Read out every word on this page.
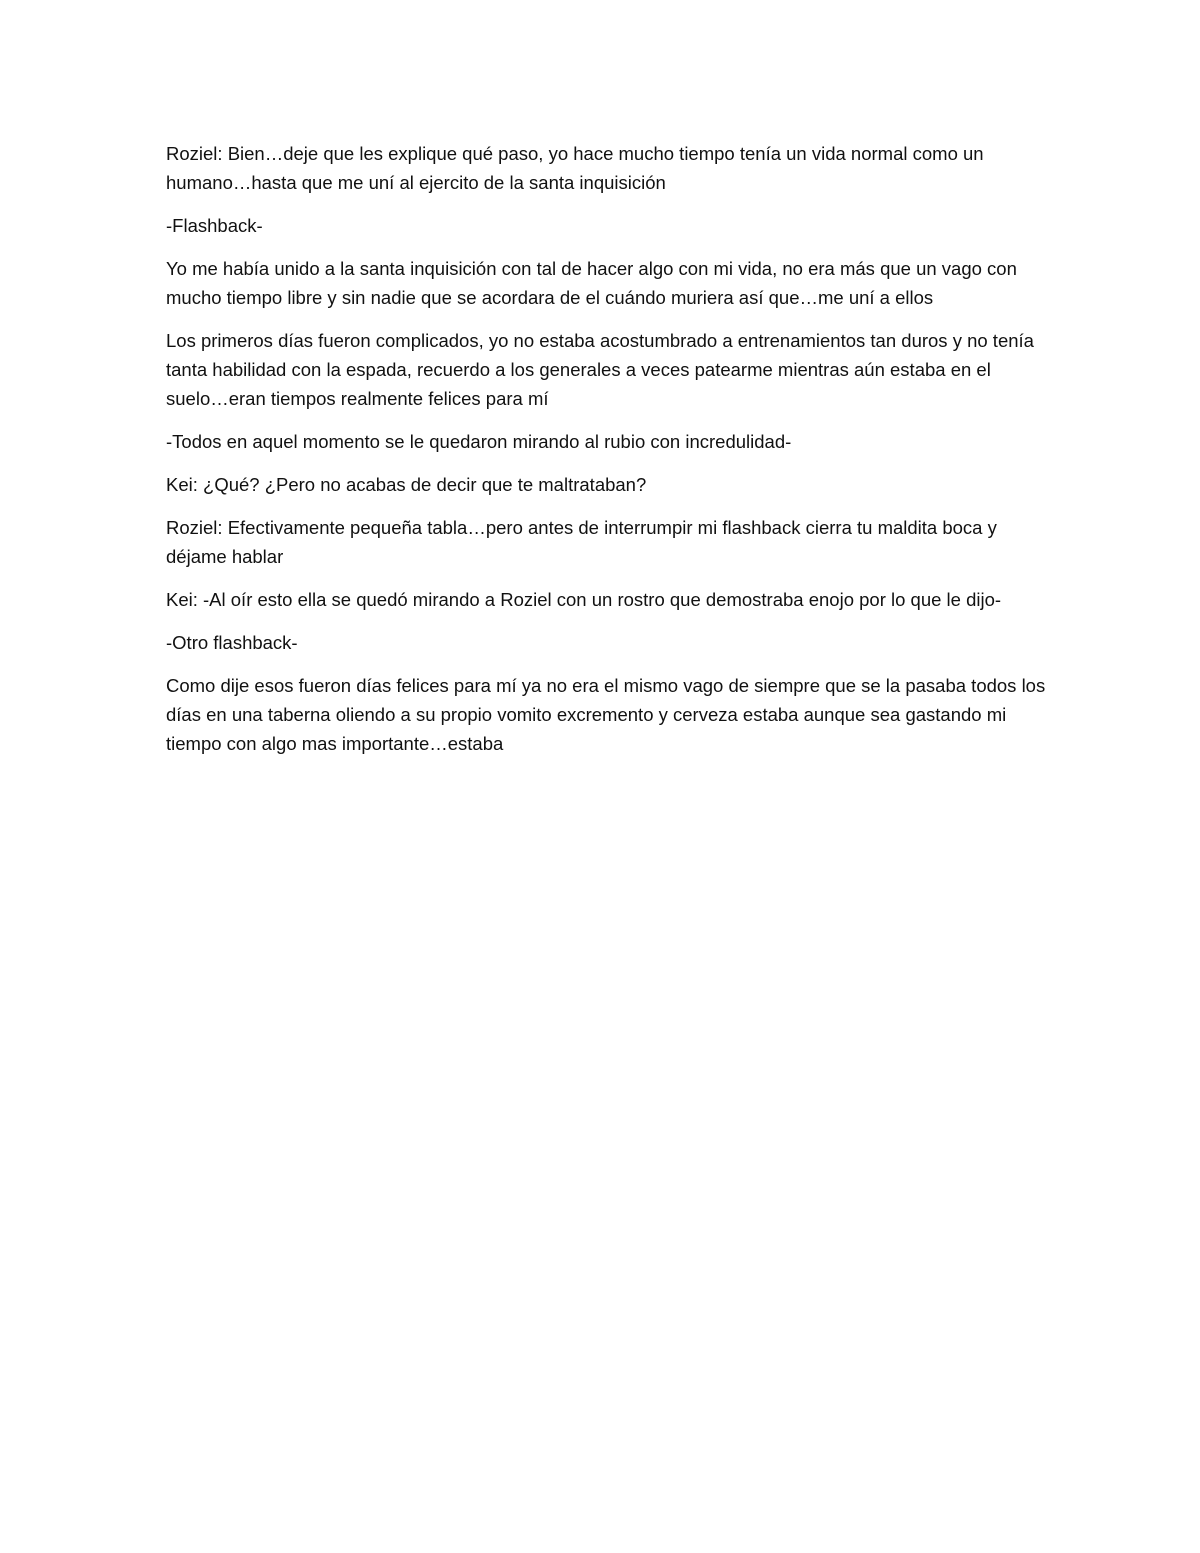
Roziel: Bien…deje que les explique qué paso, yo hace mucho tiempo tenía un vida normal como un humano…hasta que me uní al ejercito de la santa inquisición

-Flashback-

Yo me había unido a la santa inquisición con tal de hacer algo con mi vida, no era más que un vago con mucho tiempo libre y sin nadie que se acordara de el cuándo muriera así que…me uní a ellos

Los primeros días fueron complicados, yo no estaba acostumbrado a entrenamientos tan duros y no tenía tanta habilidad con la espada, recuerdo a los generales a veces patearme mientras aún estaba en el suelo…eran tiempos realmente felices para mí

-Todos en aquel momento se le quedaron mirando al rubio con incredulidad-

Kei: ¿Qué? ¿Pero no acabas de decir que te maltrataban?

Roziel: Efectivamente pequeña tabla…pero antes de interrumpir mi flashback cierra tu maldita boca y déjame hablar

Kei: -Al oír esto ella se quedó mirando a Roziel con un rostro que demostraba enojo por lo que le dijo-

-Otro flashback-

Como dije esos fueron días felices para mí ya no era el mismo vago de siempre que se la pasaba todos los días en una taberna oliendo a su propio vomito excremento y cerveza estaba aunque sea gastando mi tiempo con algo mas importante…estaba
